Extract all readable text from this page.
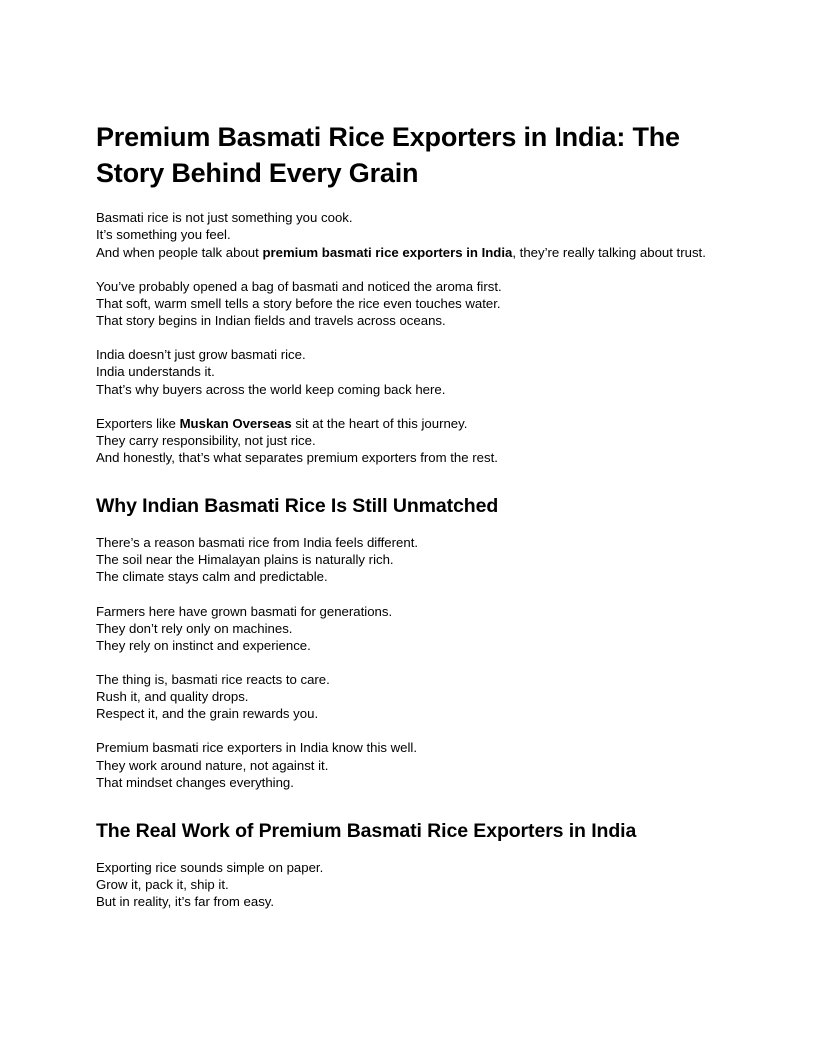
Premium Basmati Rice Exporters in India: The Story Behind Every Grain

Basmati rice is not just something you cook.
It’s something you feel.
And when people talk about premium basmati rice exporters in India, they’re really talking about trust.

You’ve probably opened a bag of basmati and noticed the aroma first.
That soft, warm smell tells a story before the rice even touches water.
That story begins in Indian fields and travels across oceans.

India doesn’t just grow basmati rice.
India understands it.
That’s why buyers across the world keep coming back here.

Exporters like Muskan Overseas sit at the heart of this journey.
They carry responsibility, not just rice.
And honestly, that’s what separates premium exporters from the rest.

Why Indian Basmati Rice Is Still Unmatched

There’s a reason basmati rice from India feels different.
The soil near the Himalayan plains is naturally rich.
The climate stays calm and predictable.

Farmers here have grown basmati for generations.
They don’t rely only on machines.
They rely on instinct and experience.

The thing is, basmati rice reacts to care.
Rush it, and quality drops.
Respect it, and the grain rewards you.

Premium basmati rice exporters in India know this well.
They work around nature, not against it.
That mindset changes everything.

The Real Work of Premium Basmati Rice Exporters in India

Exporting rice sounds simple on paper.
Grow it, pack it, ship it.
But in reality, it’s far from easy.
